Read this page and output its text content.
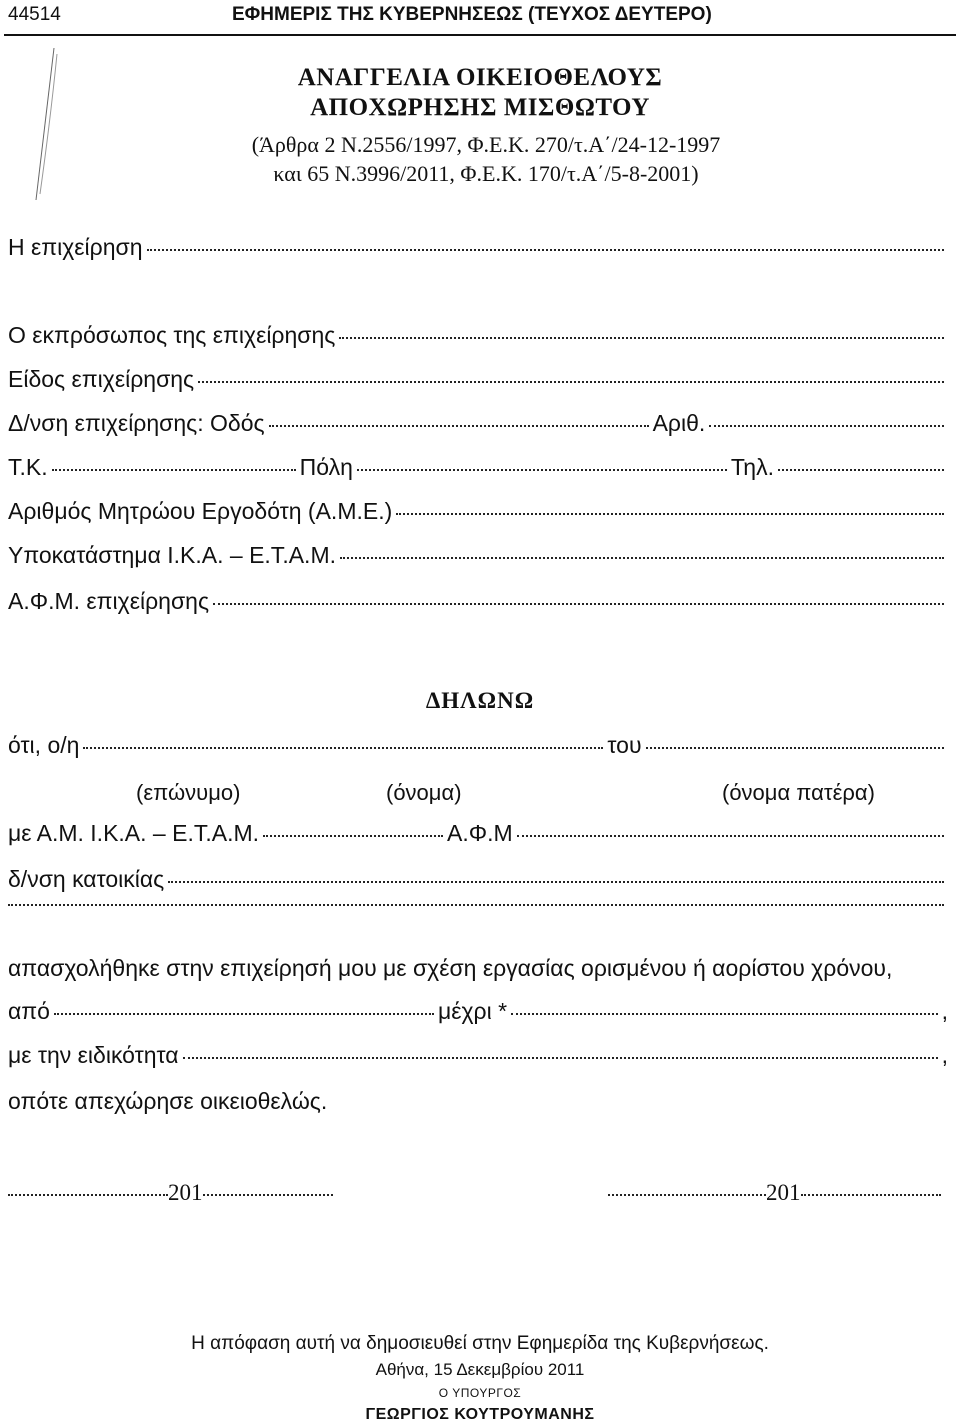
44514	ΕΦΗΜΕΡΙΣ ΤΗΣ ΚΥΒΕΡΝΗΣΕΩΣ (ΤΕΥΧΟΣ ΔΕΥΤΕΡΟ)
ΑΝΑΓΓΕΛΙΑ ΟΙΚΕΙΟΘΕΛΟΥΣ
ΑΠΟΧΩΡΗΣΗΣ ΜΙΣΘΩΤΟΥ
(Άρθρα 2 Ν.2556/1997, Φ.Ε.Κ. 270/τ.Α΄/24-12-1997
και 65 Ν.3996/2011, Φ.Ε.Κ. 170/τ.Α΄/5-8-2001)
Η επιχείρηση
Ο εκπρόσωπος της επιχείρησης
Είδος επιχείρησης
Δ/νση επιχείρησης: Οδός	Αριθ.
Τ.Κ.	Πόλη	Τηλ.
Αριθμός Μητρώου Εργοδότη (Α.Μ.Ε.)
Υποκατάστημα Ι.Κ.Α. – Ε.Τ.Α.Μ.
Α.Φ.Μ. επιχείρησης
ΔΗΛΩΝΩ
ότι, ο/η	του
(επώνυμο)	(όνομα)	(όνομα πατέρα)
με Α.Μ. Ι.Κ.Α. – Ε.Τ.Α.Μ.	Α.Φ.Μ
δ/νση κατοικίας
απασχολήθηκε στην επιχείρησή μου με σχέση εργασίας ορισμένου ή αορίστου χρόνου,
από	μέχρι *	,
με την ειδικότητα	,
οπότε απεχώρησε οικειοθελώς.
201	201
Η απόφαση αυτή να δημοσιευθεί στην Εφημερίδα της Κυβερνήσεως.
Αθήνα, 15 Δεκεμβρίου 2011
Ο ΥΠΟΥΡΓΟΣ
ΓΕΩΡΓΙΟΣ ΚΟΥΤΡΟΥΜΑΝΗΣ
